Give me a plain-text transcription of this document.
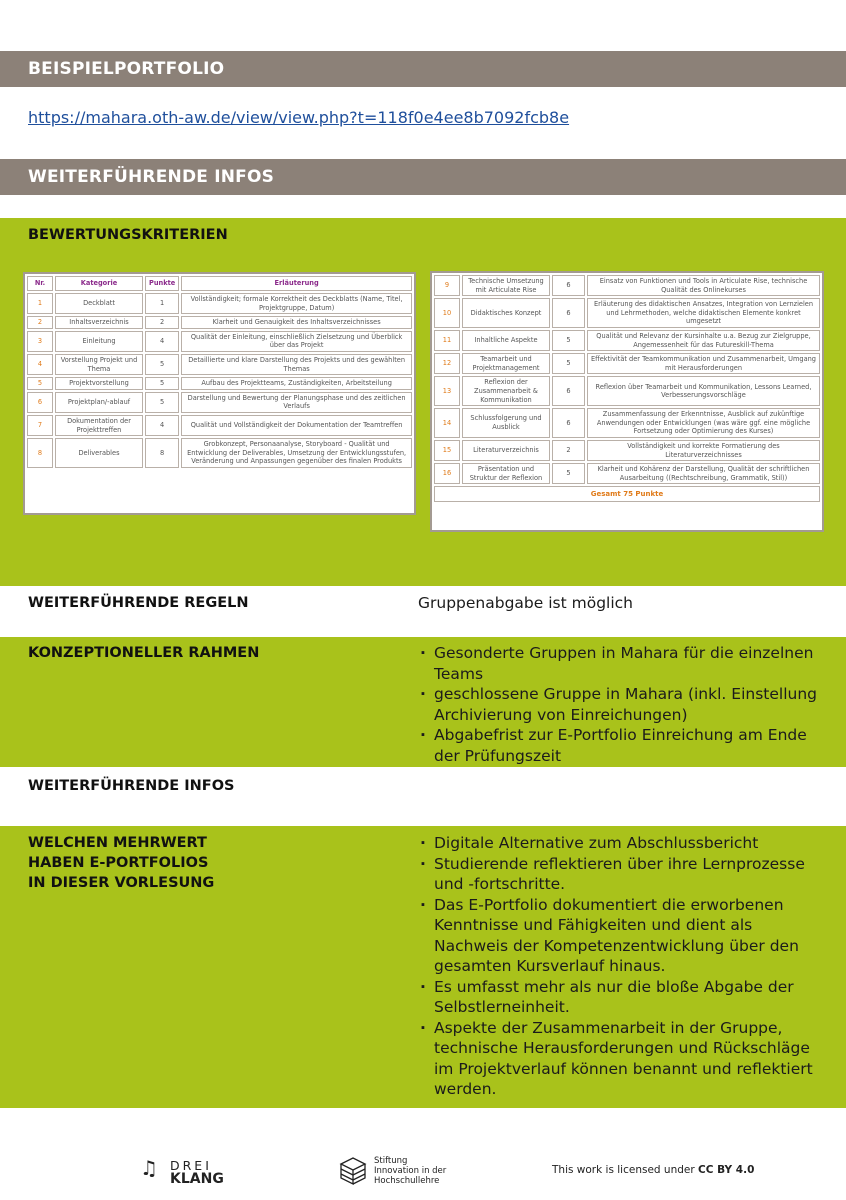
BEISPIELPORTFOLIO
https://mahara.oth-aw.de/view/view.php?t=118f0e4ee8b7092fcb8e
WEITERFÜHRENDE INFOS
BEWERTUNGSKRITERIEN
Nr.	Kategorie	Punkte	Erläuterung
1	Deckblatt	1	Vollständigkeit; formale Korrektheit des Deckblatts (Name, Titel, Projektgruppe, Datum)
2	Inhaltsverzeichnis	2	Klarheit und Genauigkeit des Inhaltsverzeichnisses
3	Einleitung	4	Qualität der Einleitung, einschließlich Zielsetzung und Überblick über das Projekt
4	Vorstellung Projekt und Thema	5	Detaillierte und klare Darstellung des Projekts und des gewählten Themas
5	Projektvorstellung	5	Aufbau des Projektteams, Zuständigkeiten, Arbeitsteilung
6	Projektplan/-ablauf	5	Darstellung und Bewertung der Planungsphase und des zeitlichen Verlaufs
7	Dokumentation der Projekttreffen	4	Qualität und Vollständigkeit der Dokumentation der Teamtreffen
8	Deliverables	8	Grobkonzept, Personaanalyse, Storyboard - Qualität und Entwicklung der Deliverables, Umsetzung der Entwicklungsstufen, Veränderung und Anpassungen gegenüber des finalen Produkts
9	Technische Umsetzung mit Articulate Rise	6	Einsatz von Funktionen und Tools in Articulate Rise, technische Qualität des Onlinekurses
10	Didaktisches Konzept	6	Erläuterung des didaktischen Ansatzes, Integration von Lernzielen und Lehrmethoden, welche didaktischen Elemente konkret umgesetzt
11	Inhaltliche Aspekte	5	Qualität und Relevanz der Kursinhalte u.a. Bezug zur Zielgruppe, Angemessenheit für das Futureskill-Thema
12	Teamarbeit und Projektmanagement	5	Effektivität der Teamkommunikation und Zusammenarbeit, Umgang mit Herausforderungen
13	Reflexion der Zusammenarbeit & Kommunikation	6	Reflexion über Teamarbeit und Kommunikation, Lessons Learned, Verbesserungsvorschläge
14	Schlussfolgerung und Ausblick	6	Zusammenfassung der Erkenntnisse, Ausblick auf zukünftige Anwendungen oder Entwicklungen (was wäre ggf. eine mögliche Fortsetzung oder Optimierung des Kurses)
15	Literaturverzeichnis	2	Vollständigkeit und korrekte Formatierung des Literaturverzeichnisses
16	Präsentation und Struktur der Reflexion	5	Klarheit und Kohärenz der Darstellung, Qualität der schriftlichen Ausarbeitung ((Rechtschreibung, Grammatik, Stil))
Gesamt 75 Punkte
WEITERFÜHRENDE REGELN	Gruppenabgabe ist möglich
KONZEPTIONELLER RAHMEN	· Gesonderte Gruppen in Mahara für die einzelnen Teams
· geschlossene Gruppe in Mahara (inkl. Einstellung Archivierung von Einreichungen)
· Abgabefrist zur E-Portfolio Einreichung am Ende der Prüfungszeit
WEITERFÜHRENDE INFOS
WELCHEN MEHRWERT
HABEN E-PORTFOLIOS
IN DIESER VORLESUNG
· Digitale Alternative zum Abschlussbericht
· Studierende reflektieren über ihre Lernprozesse und -fortschritte.
· Das E-Portfolio dokumentiert die erworbenen Kenntnisse und Fähigkeiten und dient als Nachweis der Kompetenzentwicklung über den gesamten Kursverlauf hinaus.
· Es umfasst mehr als nur die bloße Abgabe der Selbstlerneinheit.
· Aspekte der Zusammenarbeit in der Gruppe, technische Herausforderungen und Rückschläge im Projektverlauf können benannt und reflektiert werden.
♫ DREI
KLANG
Stiftung
Innovation in der
Hochschullehre
This work is licensed under CC BY 4.0
